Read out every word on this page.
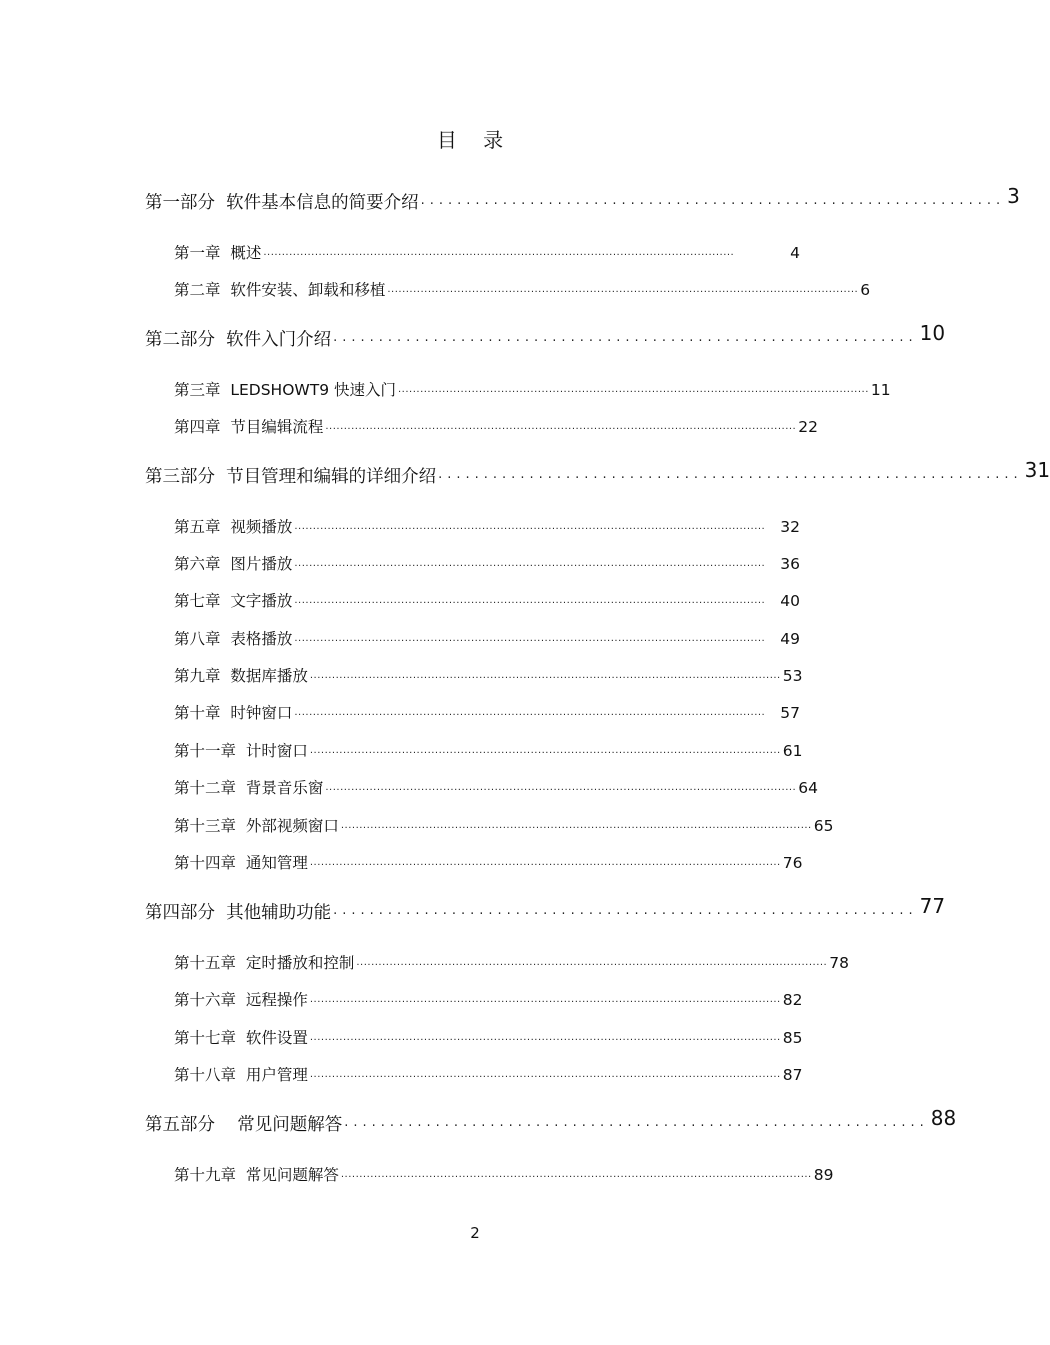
目 录
第一部分  软件基本信息的简要介绍 ································································ 3
第一章  概述 ································································································································	4
第二章  软件安装、卸载和移植 ································································································································ 6
第二部分  软件入门介绍 ································································ 10
第三章  LEDSHOWT9 快速入门 ································································································································ 11
第四章  节目编辑流程 ································································································································ 22
第三部分  节目管理和编辑的详细介绍 ································································ 31
第五章  视频播放 ································································································································ 32
第六章  图片播放 ································································································································ 36
第七章  文字播放 ································································································································ 40
第八章  表格播放 ································································································································ 49
第九章  数据库播放 ································································································································ 53
第十章  时钟窗口 ································································································································ 57
第十一章  计时窗口 ································································································································ 61
第十二章  背景音乐窗 ································································································································ 64
第十三章  外部视频窗口 ································································································································ 65
第十四章  通知管理 ································································································································ 76
第四部分  其他辅助功能 ································································ 77
第十五章  定时播放和控制 ································································································································ 78
第十六章  远程操作 ································································································································ 82
第十七章  软件设置 ································································································································ 85
第十八章  用户管理 ································································································································ 87
第五部分    常见问题解答 ································································ 88
第十九章  常见问题解答 ································································································································ 89
2
